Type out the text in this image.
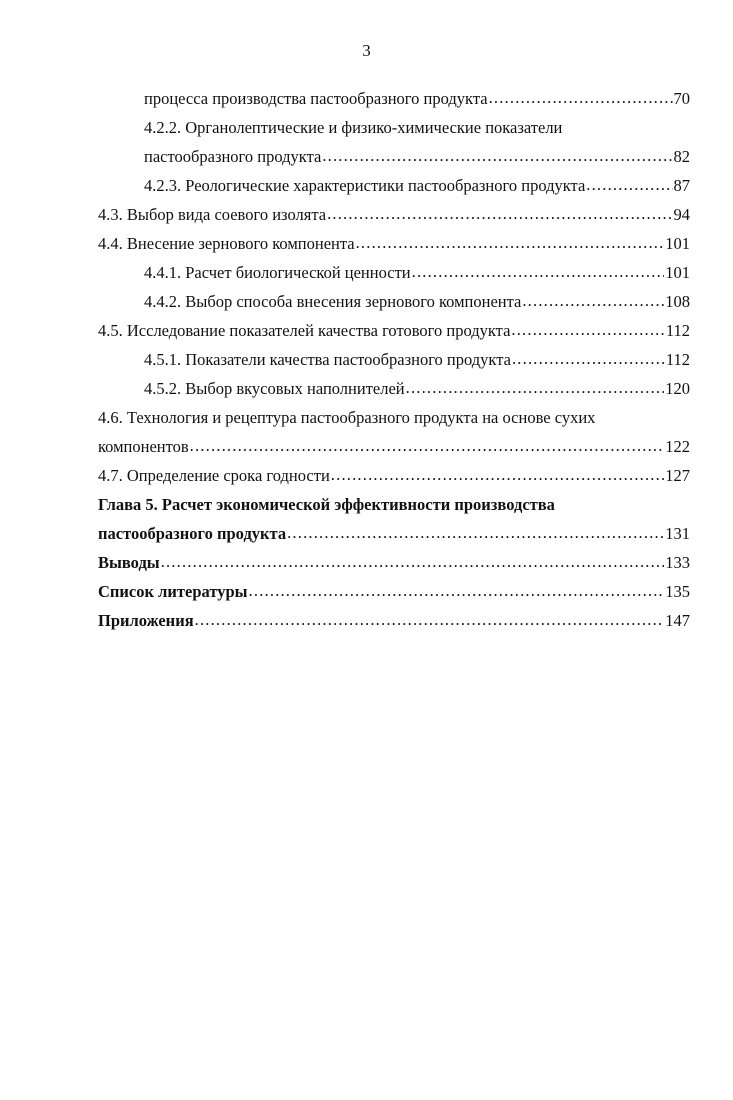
3
процесса производства пастообразного продукта .....	70
4.2.2. Органолептические и физико-химические показатели
пастообразного продукта .....	82
4.2.3. Реологические характеристики пастообразного продукта .....	87
4.3. Выбор вида соевого изолята .....	94
4.4. Внесение зернового компонента .....	101
4.4.1. Расчет биологической ценности .....	101
4.4.2. Выбор способа внесения зернового компонента .....	108
4.5. Исследование показателей качества готового продукта .....	112
4.5.1. Показатели качества пастообразного продукта .....	112
4.5.2. Выбор вкусовых наполнителей .....	120
4.6. Технология и рецептура пастообразного продукта на основе сухих
компонентов .....	122
4.7. Определение срока годности .....	127
Глава 5. Расчет экономической эффективности производства
пастообразного продукта .....	131
Выводы .....	133
Список литературы .....	135
Приложения .....	147
